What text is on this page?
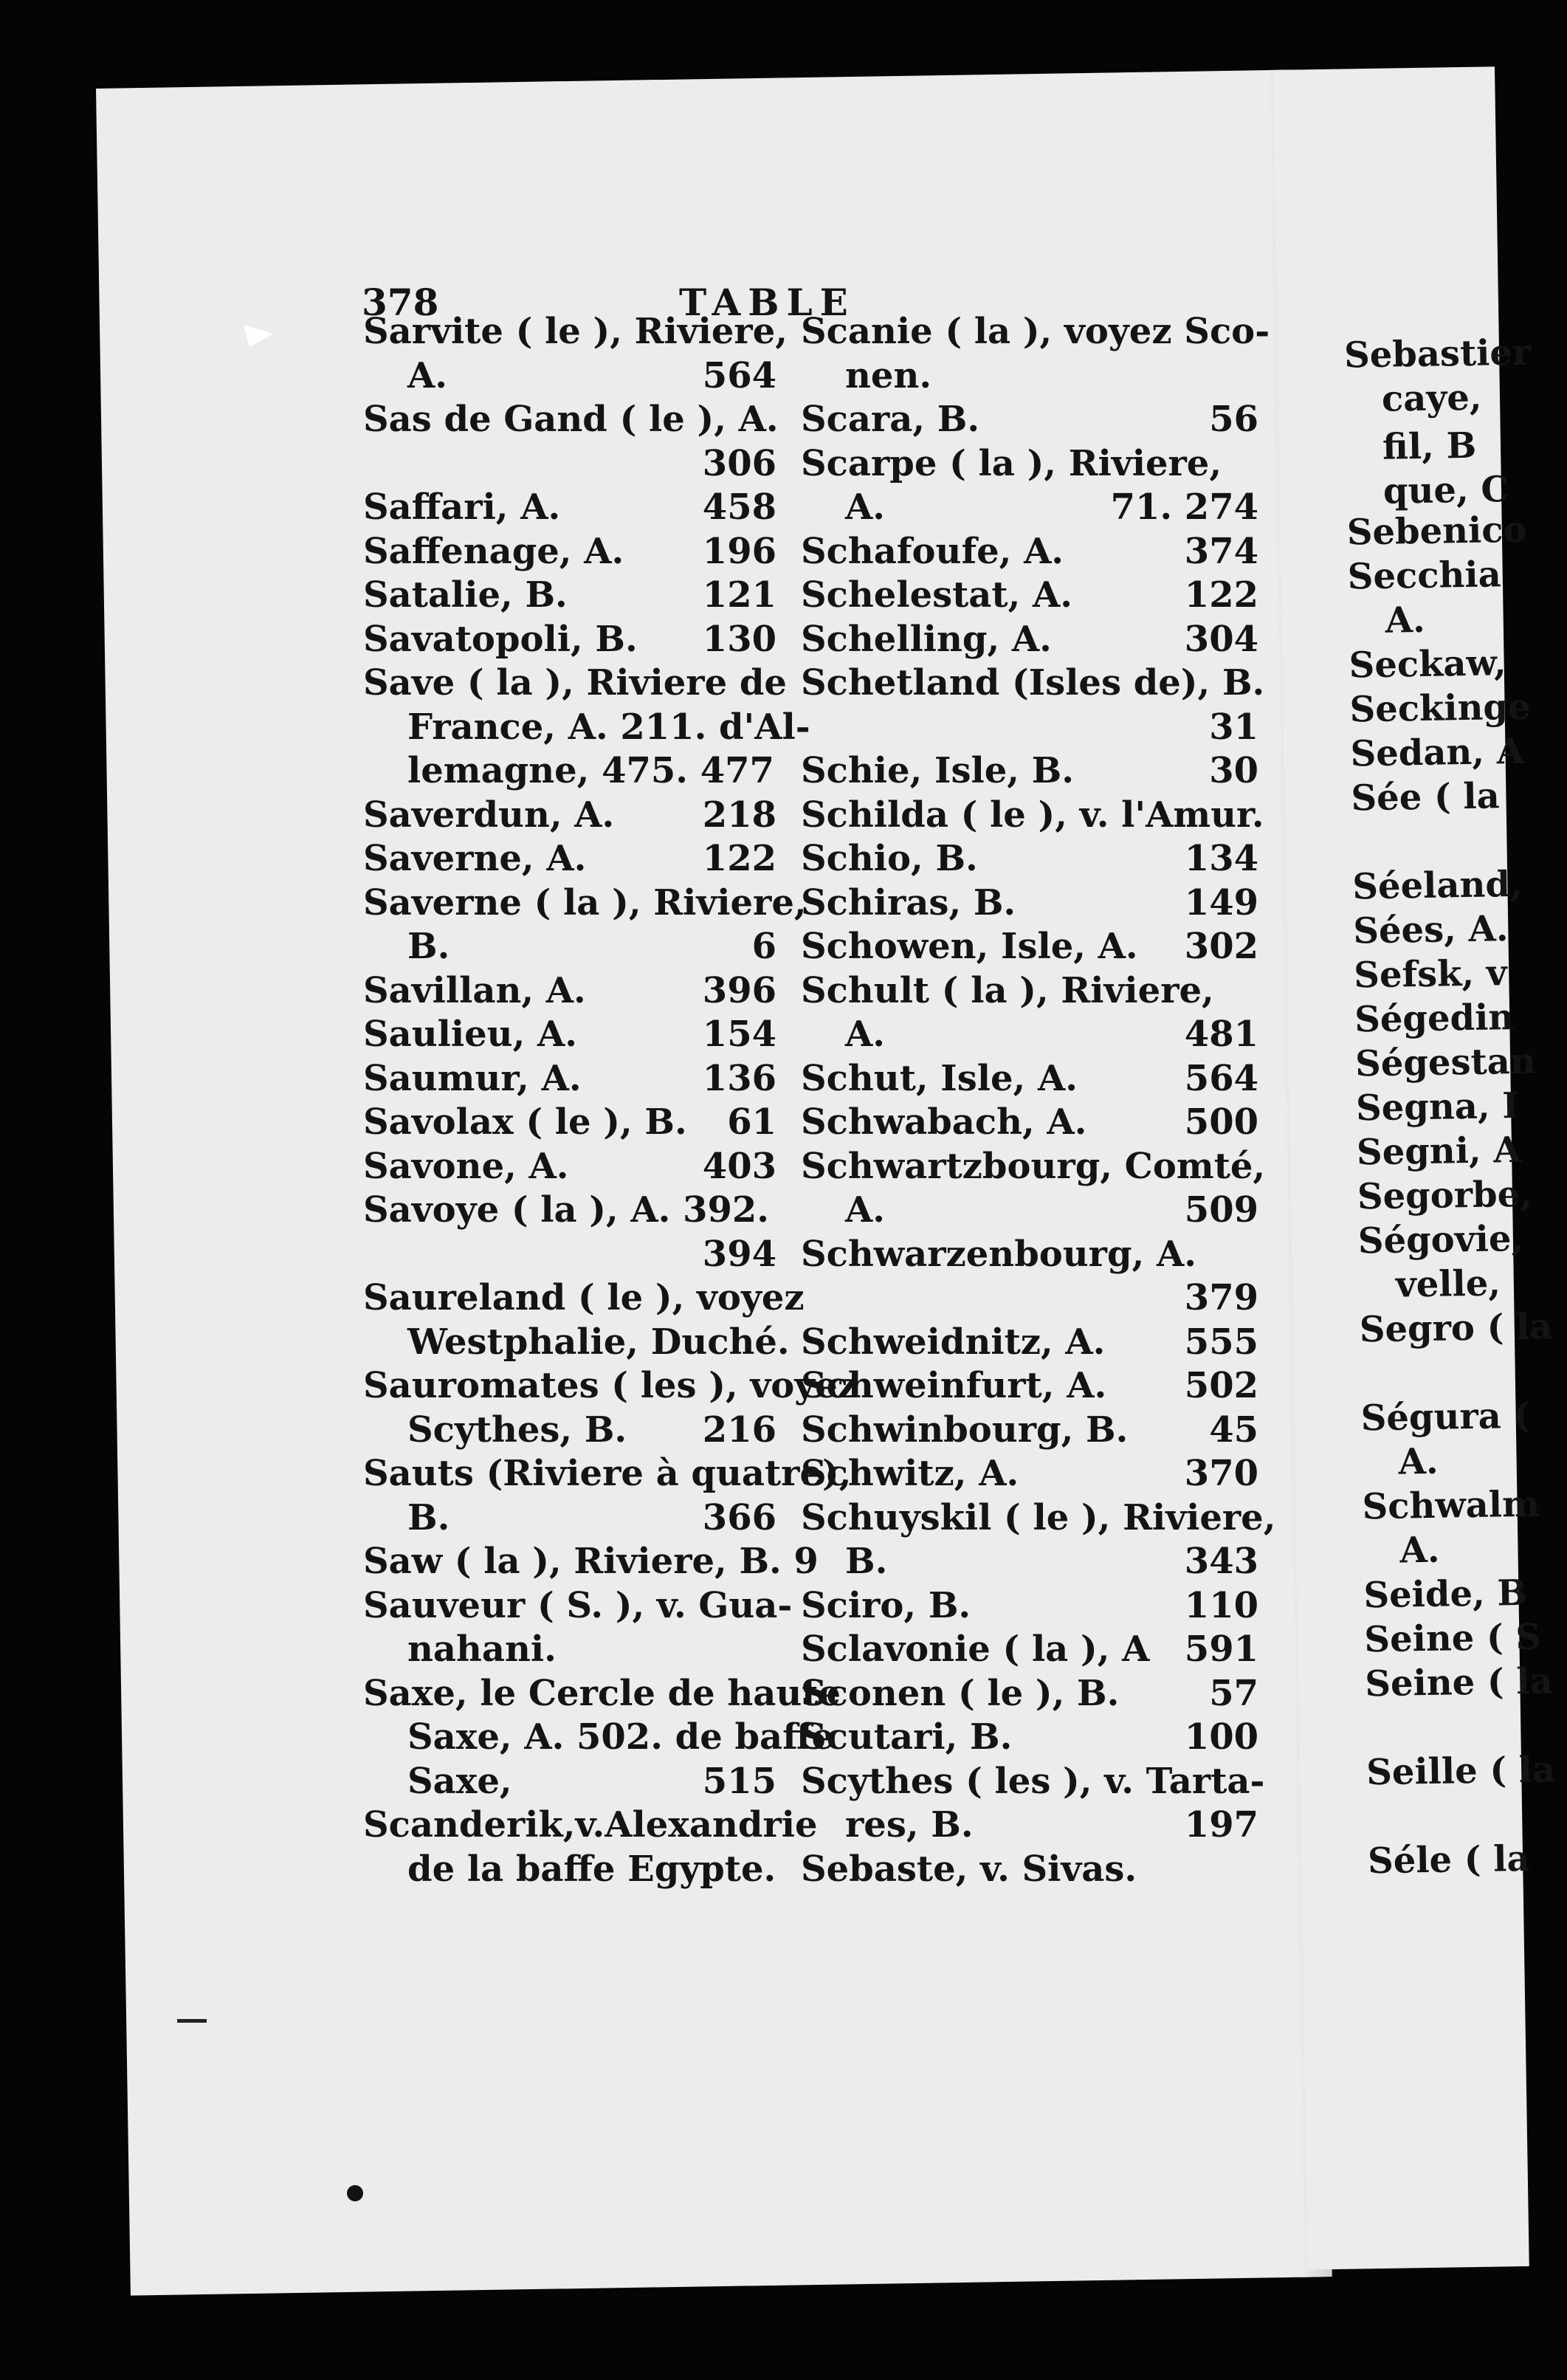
Sebastier
caye,
fil, B
que, C
Sebenico
Secchia
A.
Seckaw,
Seckinge
Sedan, A
Sée ( la
Séeland,
Sées, A.
Sefsk, v
Ségedin
Ségestan
Segna, I
Segni, A
Segorbe,
Ségovie,
velle,
Segro ( la
Ségura (
A.
Schwalm
A.
Seide, B
Seine ( S
Seine ( la
Seille ( la
Séle ( la
378	TABLE
Sarvite ( le ), Riviere,
A.	564
Sas de Gand ( le ), A.
306
Saffari, A.	458
Saffenage, A. 196
Satalie, B.	121
Savatopoli, B. 130
Save ( la ), Riviere de
France, A. 211. d'Al-
lemagne, 475. 477
Saverdun, A. 218
Saverne, A.	122
Saverne ( la ), Riviere,
B.	6
Savillan, A.	396
Saulieu, A.	154
Saumur, A.	136
Savolax ( le ), B. 61
Savone, A.	403
Savoye ( la ), A. 392.
394
Saureland ( le ), voyez
Westphalie, Duché.
Sauromates ( les ), voyez
Scythes, B. 216
Sauts (Riviere à quatre),
B.	366
Saw ( la ), Riviere, B. 9
Sauveur ( S. ), v. Gua-
nahani.
Saxe, le Cercle de haute
Saxe, A. 502. de baffe
Saxe,	515
Scanderik,v.Alexandrie
de la baffe Egypte.
Scanie ( la ), voyez Sco-
nen.
Scara, B.	56
Scarpe ( la ), Riviere,
A.	71. 274
Schafoufe, A.	374
Schelestat, A.	122
Schelling, A.	304
Schetland (Isles de), B.
31
Schie, Isle, B.	30
Schilda ( le ), v. l'Amur.
Schio, B.	134
Schiras, B.	149
Schowen, Isle, A. 302
Schult ( la ), Riviere,
A.	481
Schut, Isle, A.	564
Schwabach, A.	500
Schwartzbourg, Comté,
A.	509
Schwarzenbourg, A.
379
Schweidnitz, A. 555
Schweinfurt, A. 502
Schwinbourg, B. 45
Schwitz, A.	370
Schuyskil ( le ), Riviere,
B.	343
Sciro, B.	110
Sclavonie ( la ), A 591
Sconen ( le ), B.	57
Scutari, B.	100
Scythes ( les ), v. Tarta-
res, B.	197
Sebaste, v. Sivas.
